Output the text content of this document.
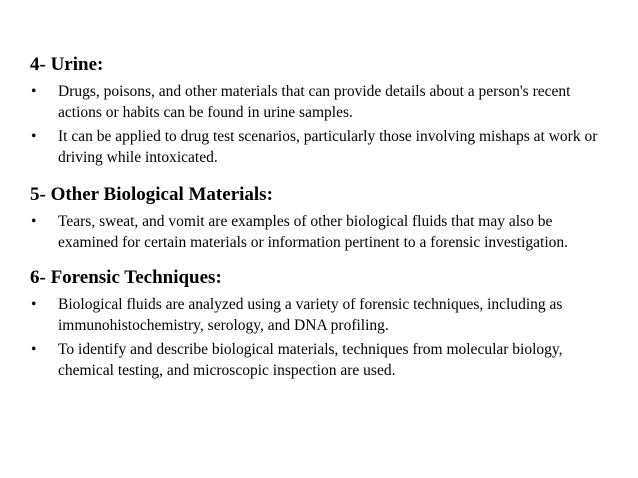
4- Urine:
• Drugs, poisons, and other materials that can provide details about a person's recent actions or habits can be found in urine samples.
• It can be applied to drug test scenarios, particularly those involving mishaps at work or driving while intoxicated.
5- Other Biological Materials:
• Tears, sweat, and vomit are examples of other biological fluids that may also be examined for certain materials or information pertinent to a forensic investigation.
6- Forensic Techniques:
• Biological fluids are analyzed using a variety of forensic techniques, including as immunohistochemistry, serology, and DNA profiling.
• To identify and describe biological materials, techniques from molecular biology, chemical testing, and microscopic inspection are used.
